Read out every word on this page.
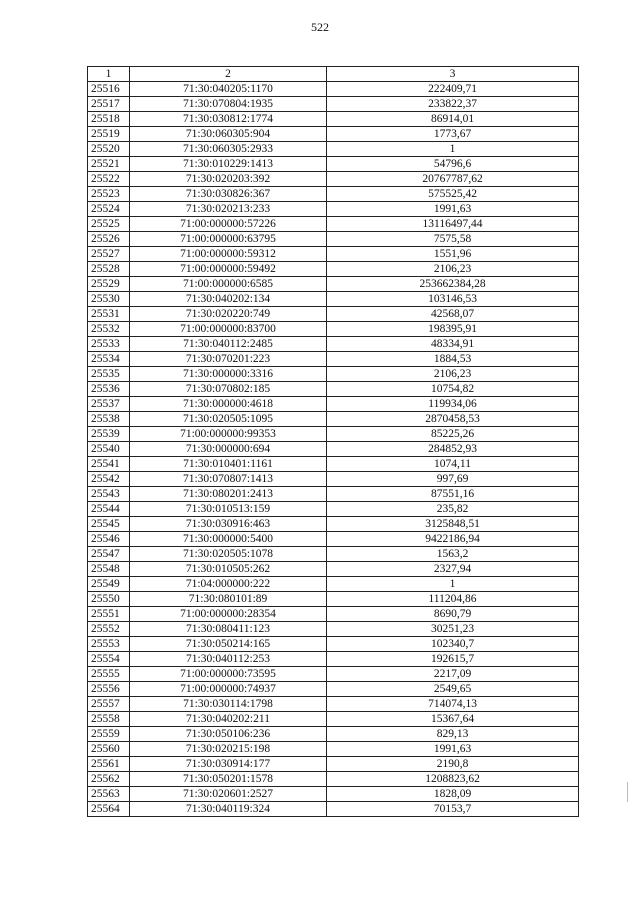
522
1	2	3
25516	71:30:040205:1170	222409,71
25517	71:30:070804:1935	233822,37
25518	71:30:030812:1774	86914,01
25519	71:30:060305:904	1773,67
25520	71:30:060305:2933	1
25521	71:30:010229:1413	54796,6
25522	71:30:020203:392	20767787,62
25523	71:30:030826:367	575525,42
25524	71:30:020213:233	1991,63
25525	71:00:000000:57226	13116497,44
25526	71:00:000000:63795	7575,58
25527	71:00:000000:59312	1551,96
25528	71:00:000000:59492	2106,23
25529	71:00:000000:6585	253662384,28
25530	71:30:040202:134	103146,53
25531	71:30:020220:749	42568,07
25532	71:00:000000:83700	198395,91
25533	71:30:040112:2485	48334,91
25534	71:30:070201:223	1884,53
25535	71:30:000000:3316	2106,23
25536	71:30:070802:185	10754,82
25537	71:30:000000:4618	119934,06
25538	71:30:020505:1095	2870458,53
25539	71:00:000000:99353	85225,26
25540	71:30:000000:694	284852,93
25541	71:30:010401:1161	1074,11
25542	71:30:070807:1413	997,69
25543	71:30:080201:2413	87551,16
25544	71:30:010513:159	235,82
25545	71:30:030916:463	3125848,51
25546	71:30:000000:5400	9422186,94
25547	71:30:020505:1078	1563,2
25548	71:30:010505:262	2327,94
25549	71:04:000000:222	1
25550	71:30:080101:89	111204,86
25551	71:00:000000:28354	8690,79
25552	71:30:080411:123	30251,23
25553	71:30:050214:165	102340,7
25554	71:30:040112:253	192615,7
25555	71:00:000000:73595	2217,09
25556	71:00:000000:74937	2549,65
25557	71:30:030114:1798	714074,13
25558	71:30:040202:211	15367,64
25559	71:30:050106:236	829,13
25560	71:30:020215:198	1991,63
25561	71:30:030914:177	2190,8
25562	71:30:050201:1578	1208823,62
25563	71:30:020601:2527	1828,09
25564	71:30:040119:324	70153,7
